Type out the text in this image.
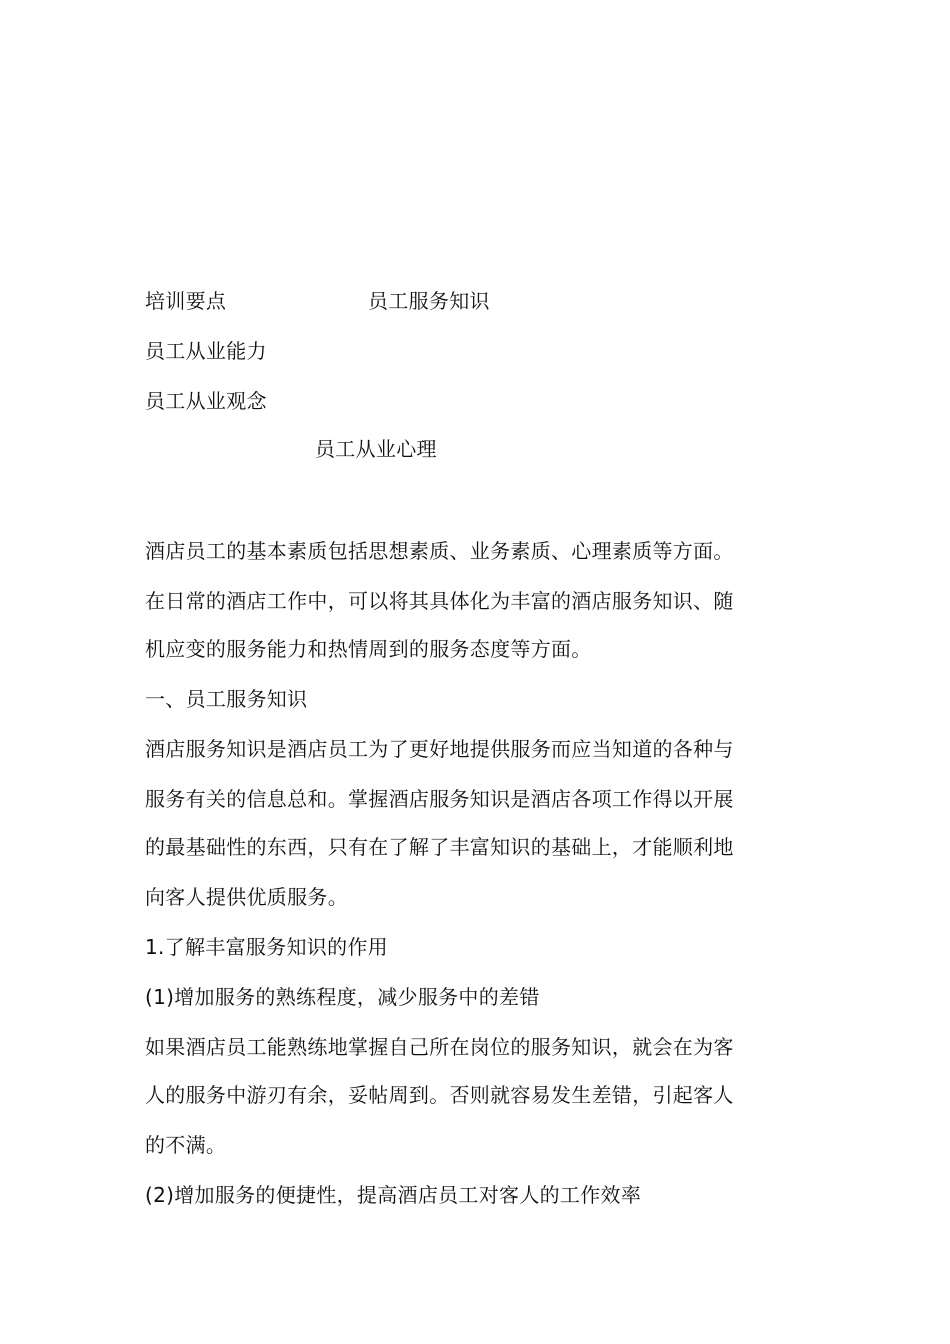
培训要点	员工服务知识
员工从业能力
员工从业观念
员工从业心理
酒店员工的基本素质包括思想素质、业务素质、心理素质等方面。
在日常的酒店工作中，可以将其具体化为丰富的酒店服务知识、随
机应变的服务能力和热情周到的服务态度等方面。
一、员工服务知识
酒店服务知识是酒店员工为了更好地提供服务而应当知道的各种与
服务有关的信息总和。掌握酒店服务知识是酒店各项工作得以开展
的最基础性的东西，只有在了解了丰富知识的基础上，才能顺利地
向客人提供优质服务。
1.了解丰富服务知识的作用
(1)增加服务的熟练程度，减少服务中的差错
如果酒店员工能熟练地掌握自己所在岗位的服务知识，就会在为客
人的服务中游刃有余，妥帖周到。否则就容易发生差错，引起客人
的不满。
(2)增加服务的便捷性，提高酒店员工对客人的工作效率
